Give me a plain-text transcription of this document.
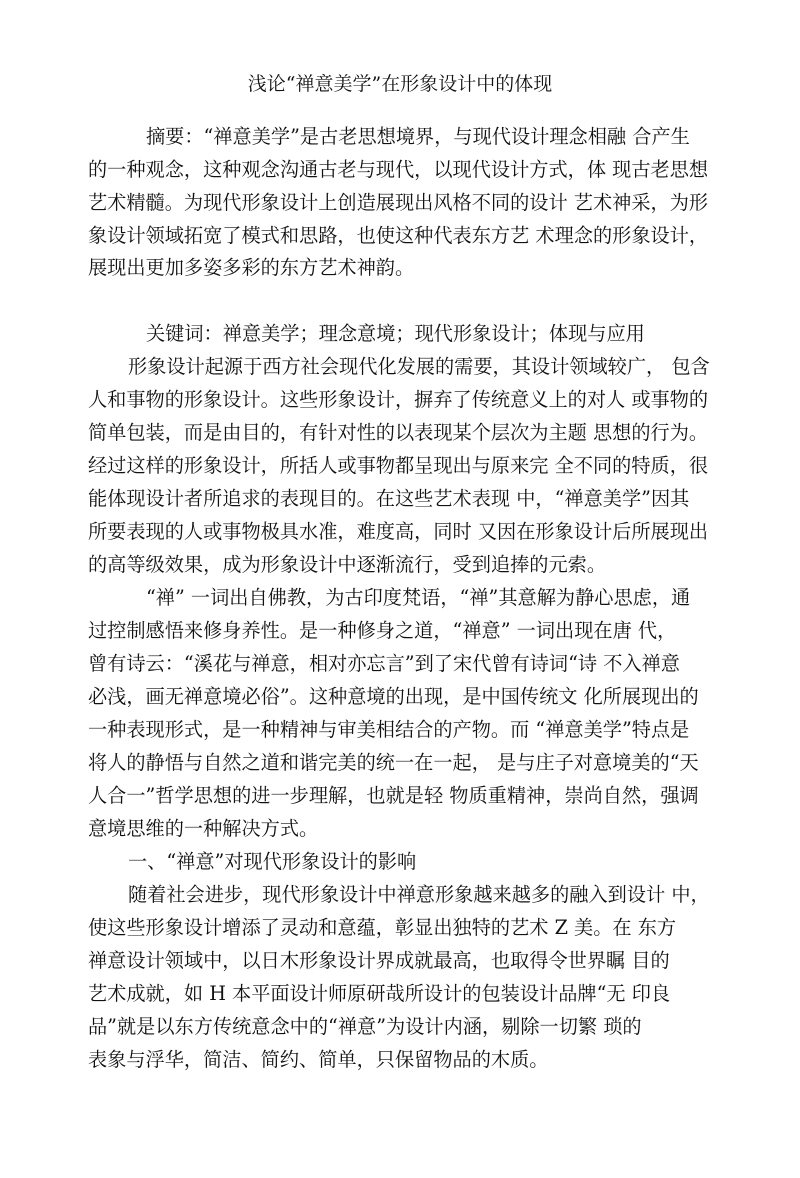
浅论“禅意美学”在形象设计中的体现
摘要：“禅意美学”是古老思想境界，与现代设计理念相融 合产生
的一种观念，这种观念沟通古老与现代，以现代设计方式，体 现古老思想
艺术精髓。为现代形象设计上创造展现出风格不同的设计 艺术神采，为形
象设计领域拓宽了模式和思路，也使这种代表东方艺 术理念的形象设计，
展现出更加多姿多彩的东方艺术神韵。
关键词：禅意美学；理念意境；现代形象设计；体现与应用
形象设计起源于西方社会现代化发展的需要，其设计领域较广， 包含
人和事物的形象设计。这些形象设计，摒弃了传统意义上的对人 或事物的
简单包装，而是由目的，有针对性的以表现某个层次为主题 思想的行为。
经过这样的形象设计，所括人或事物都呈现出与原来完 全不同的特质，很
能体现设计者所追求的表现目的。在这些艺术表现 中，“禅意美学”因其
所要表现的人或事物极具水准，难度高，同时 又因在形象设计后所展现出
的高等级效果，成为形象设计中逐渐流行，受到追捧的元索。
“禅” 一词出自佛教，为古印度梵语，“禅”其意解为静心思虑，通
过控制感悟来修身养性。是一种修身之道，“禅意” 一词出现在唐 代，
曾有诗云：“溪花与禅意，相对亦忘言”到了宋代曾有诗词“诗 不入禅意
必浅，画无禅意境必俗”。这种意境的出现，是中国传统文 化所展现出的
一种表现形式，是一种精神与审美相结合的产物。而 “禅意美学”特点是
将人的静悟与自然之道和谐完美的统一在一起， 是与庄子对意境美的“天
人合一”哲学思想的进一步理解，也就是轻 物质重精神，崇尚自然，强调
意境思维的一种解决方式。
一、“禅意”对现代形象设计的影响
随着社会进步，现代形象设计中禅意形象越来越多的融入到设计 中，
使这些形象设计增添了灵动和意蕴，彰显出独特的艺术 Z 美。在 东方
禅意设计领域中，以日木形象设计界成就最高，也取得令世界瞩 目的
艺术成就，如 H 本平面设计师原研哉所设计的包装设计品牌“无 印良
品”就是以东方传统意念中的“禅意”为设计内涵，剔除一切繁 琐的
表象与浮华，简洁、简约、简单，只保留物品的木质。
